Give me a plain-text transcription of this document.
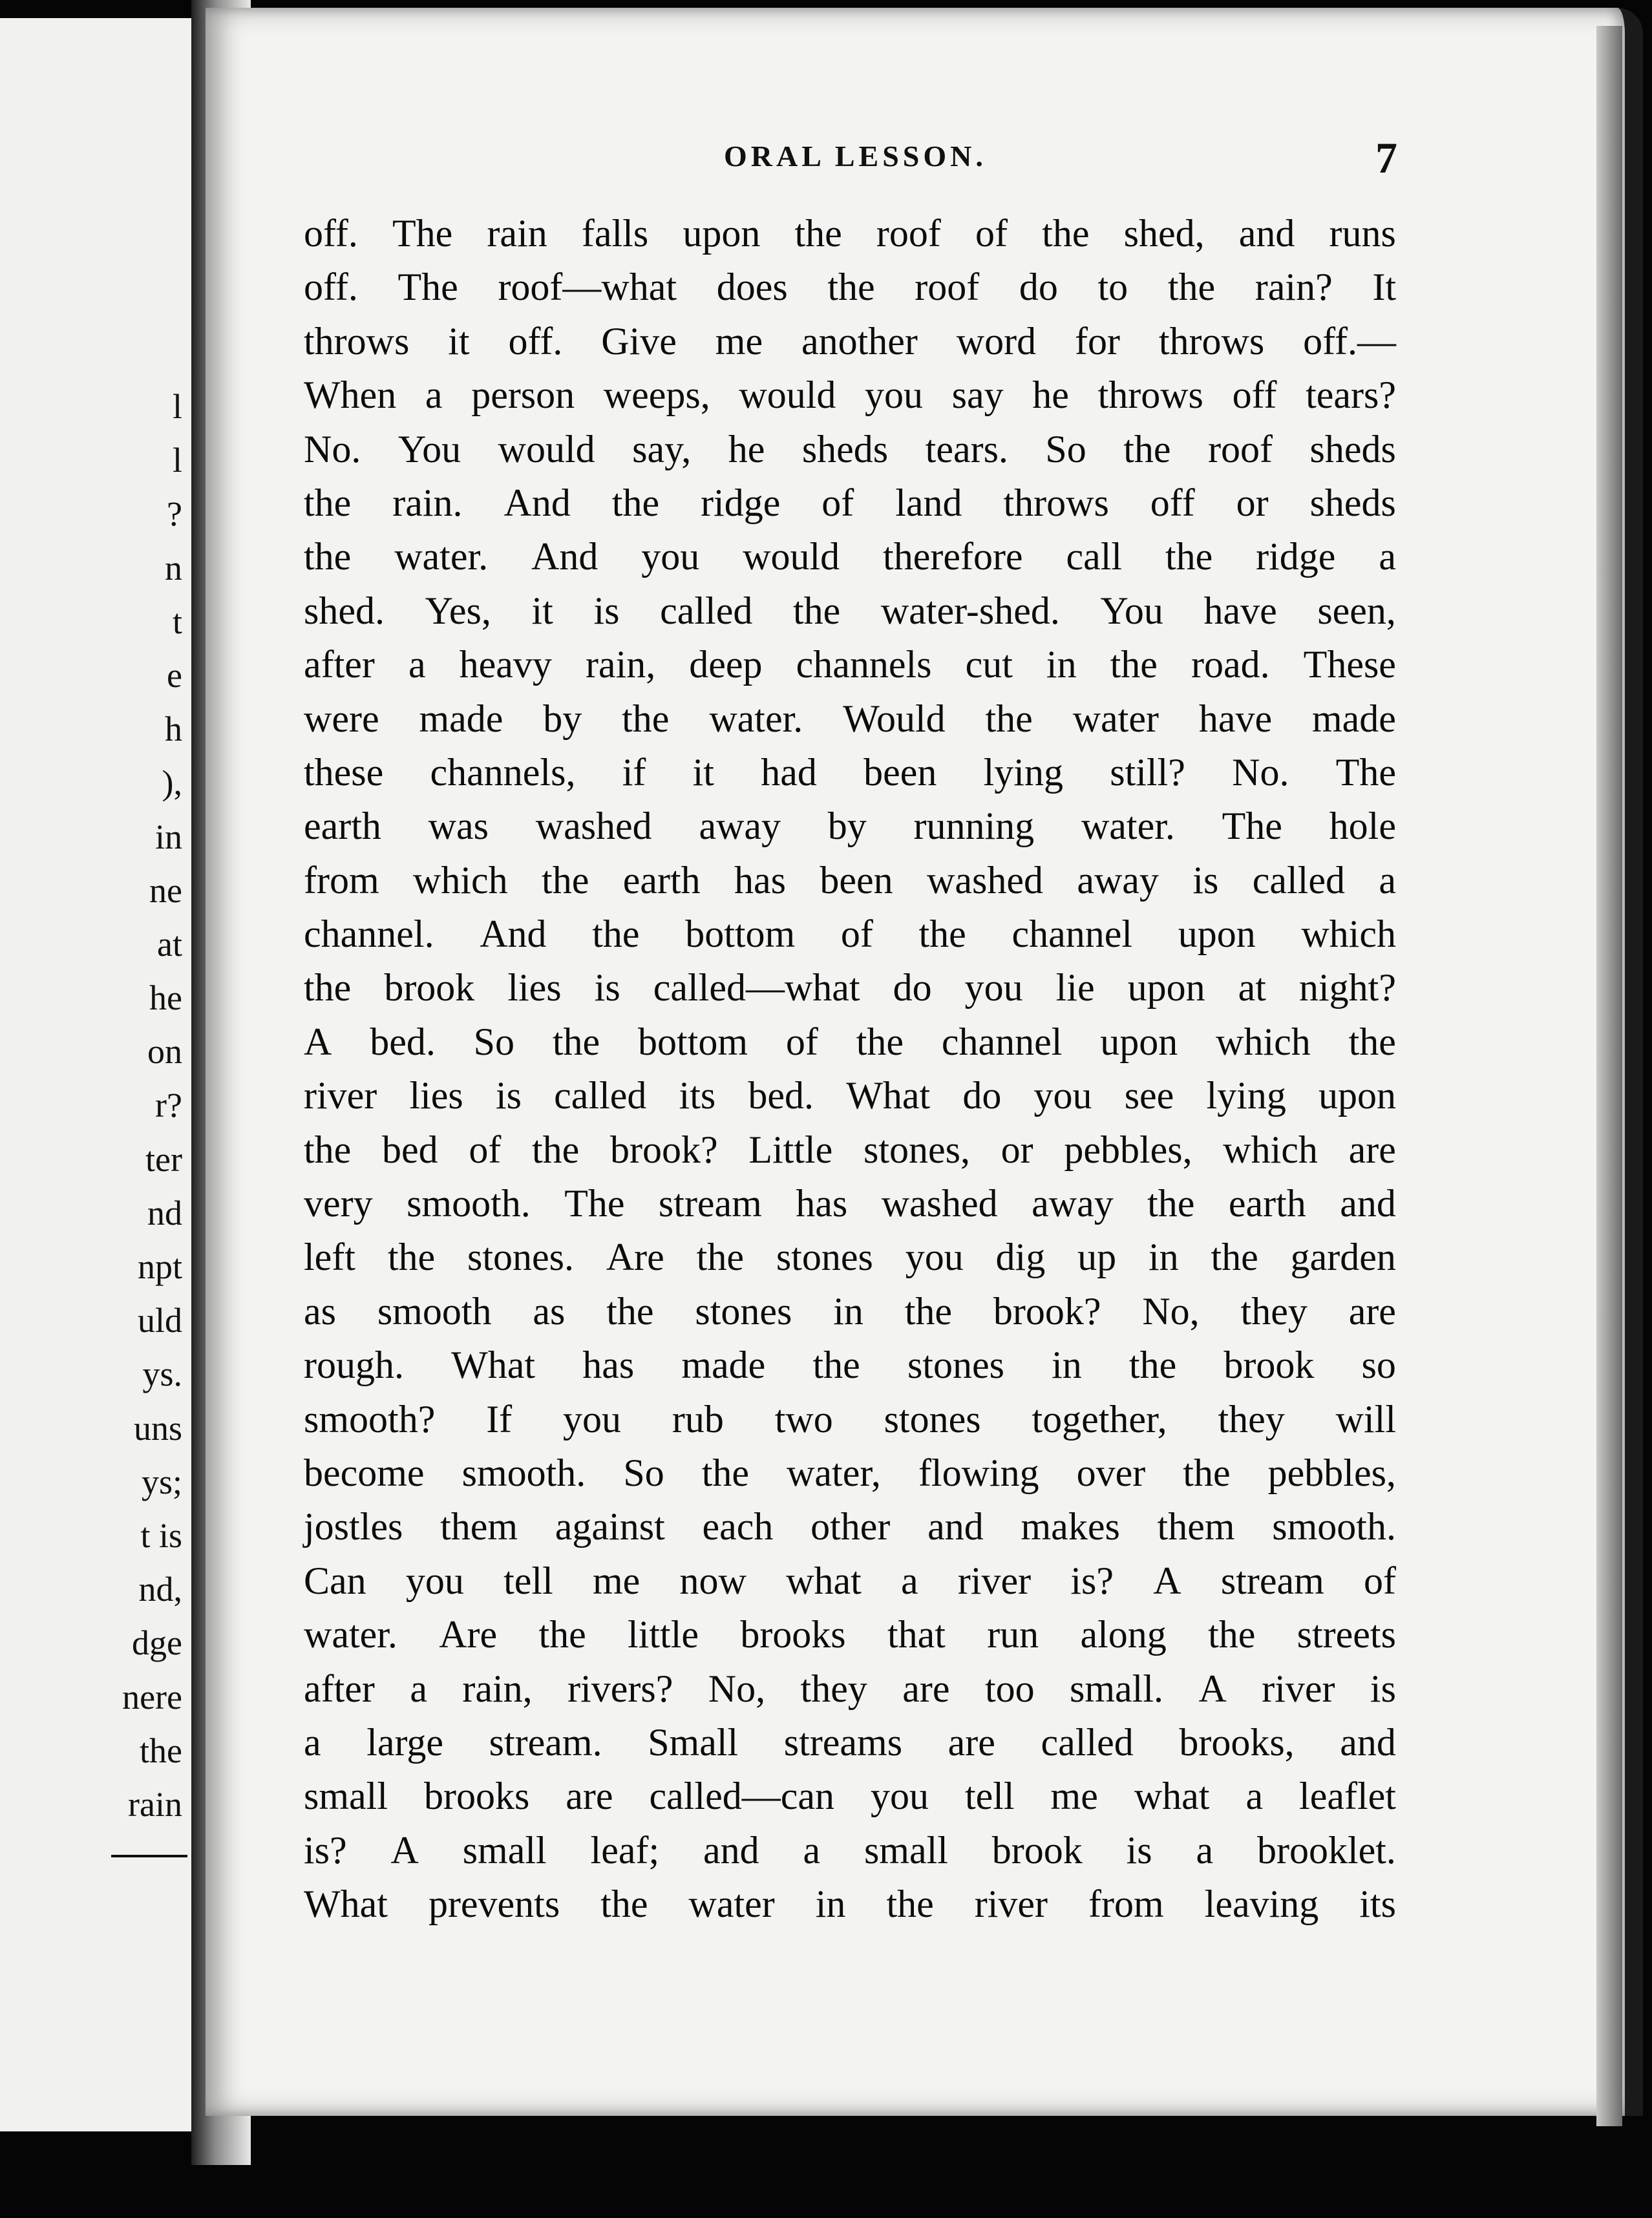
l
l
?
n
t
e
h
),
in
ne
at
he
on
r?
ter
nd
npt
uld
ys.
uns
ys;
t is
nd,
dge
nere
the
rain
ORAL LESSON.	7
off. The rain falls upon the roof of the shed, and runs
off. The roof—what does the roof do to the rain? It
throws it off. Give me another word for throws off.—
When a person weeps, would you say he throws off tears?
No. You would say, he sheds tears. So the roof sheds
the rain. And the ridge of land throws off or sheds
the water. And you would therefore call the ridge a
shed. Yes, it is called the water-shed. You have seen,
after a heavy rain, deep channels cut in the road. These
were made by the water. Would the water have made
these channels, if it had been lying still? No. The
earth was washed away by running water. The hole
from which the earth has been washed away is called a
channel. And the bottom of the channel upon which
the brook lies is called—what do you lie upon at night?
A bed. So the bottom of the channel upon which the
river lies is called its bed. What do you see lying upon
the bed of the brook? Little stones, or pebbles, which are
very smooth. The stream has washed away the earth and
left the stones. Are the stones you dig up in the garden
as smooth as the stones in the brook? No, they are
rough. What has made the stones in the brook so
smooth? If you rub two stones together, they will
become smooth. So the water, flowing over the pebbles,
jostles them against each other and makes them smooth.
Can you tell me now what a river is? A stream of
water. Are the little brooks that run along the streets
after a rain, rivers? No, they are too small. A river is
a large stream. Small streams are called brooks, and
small brooks are called—can you tell me what a leaflet
is? A small leaf; and a small brook is a brooklet.
What prevents the water in the river from leaving its
